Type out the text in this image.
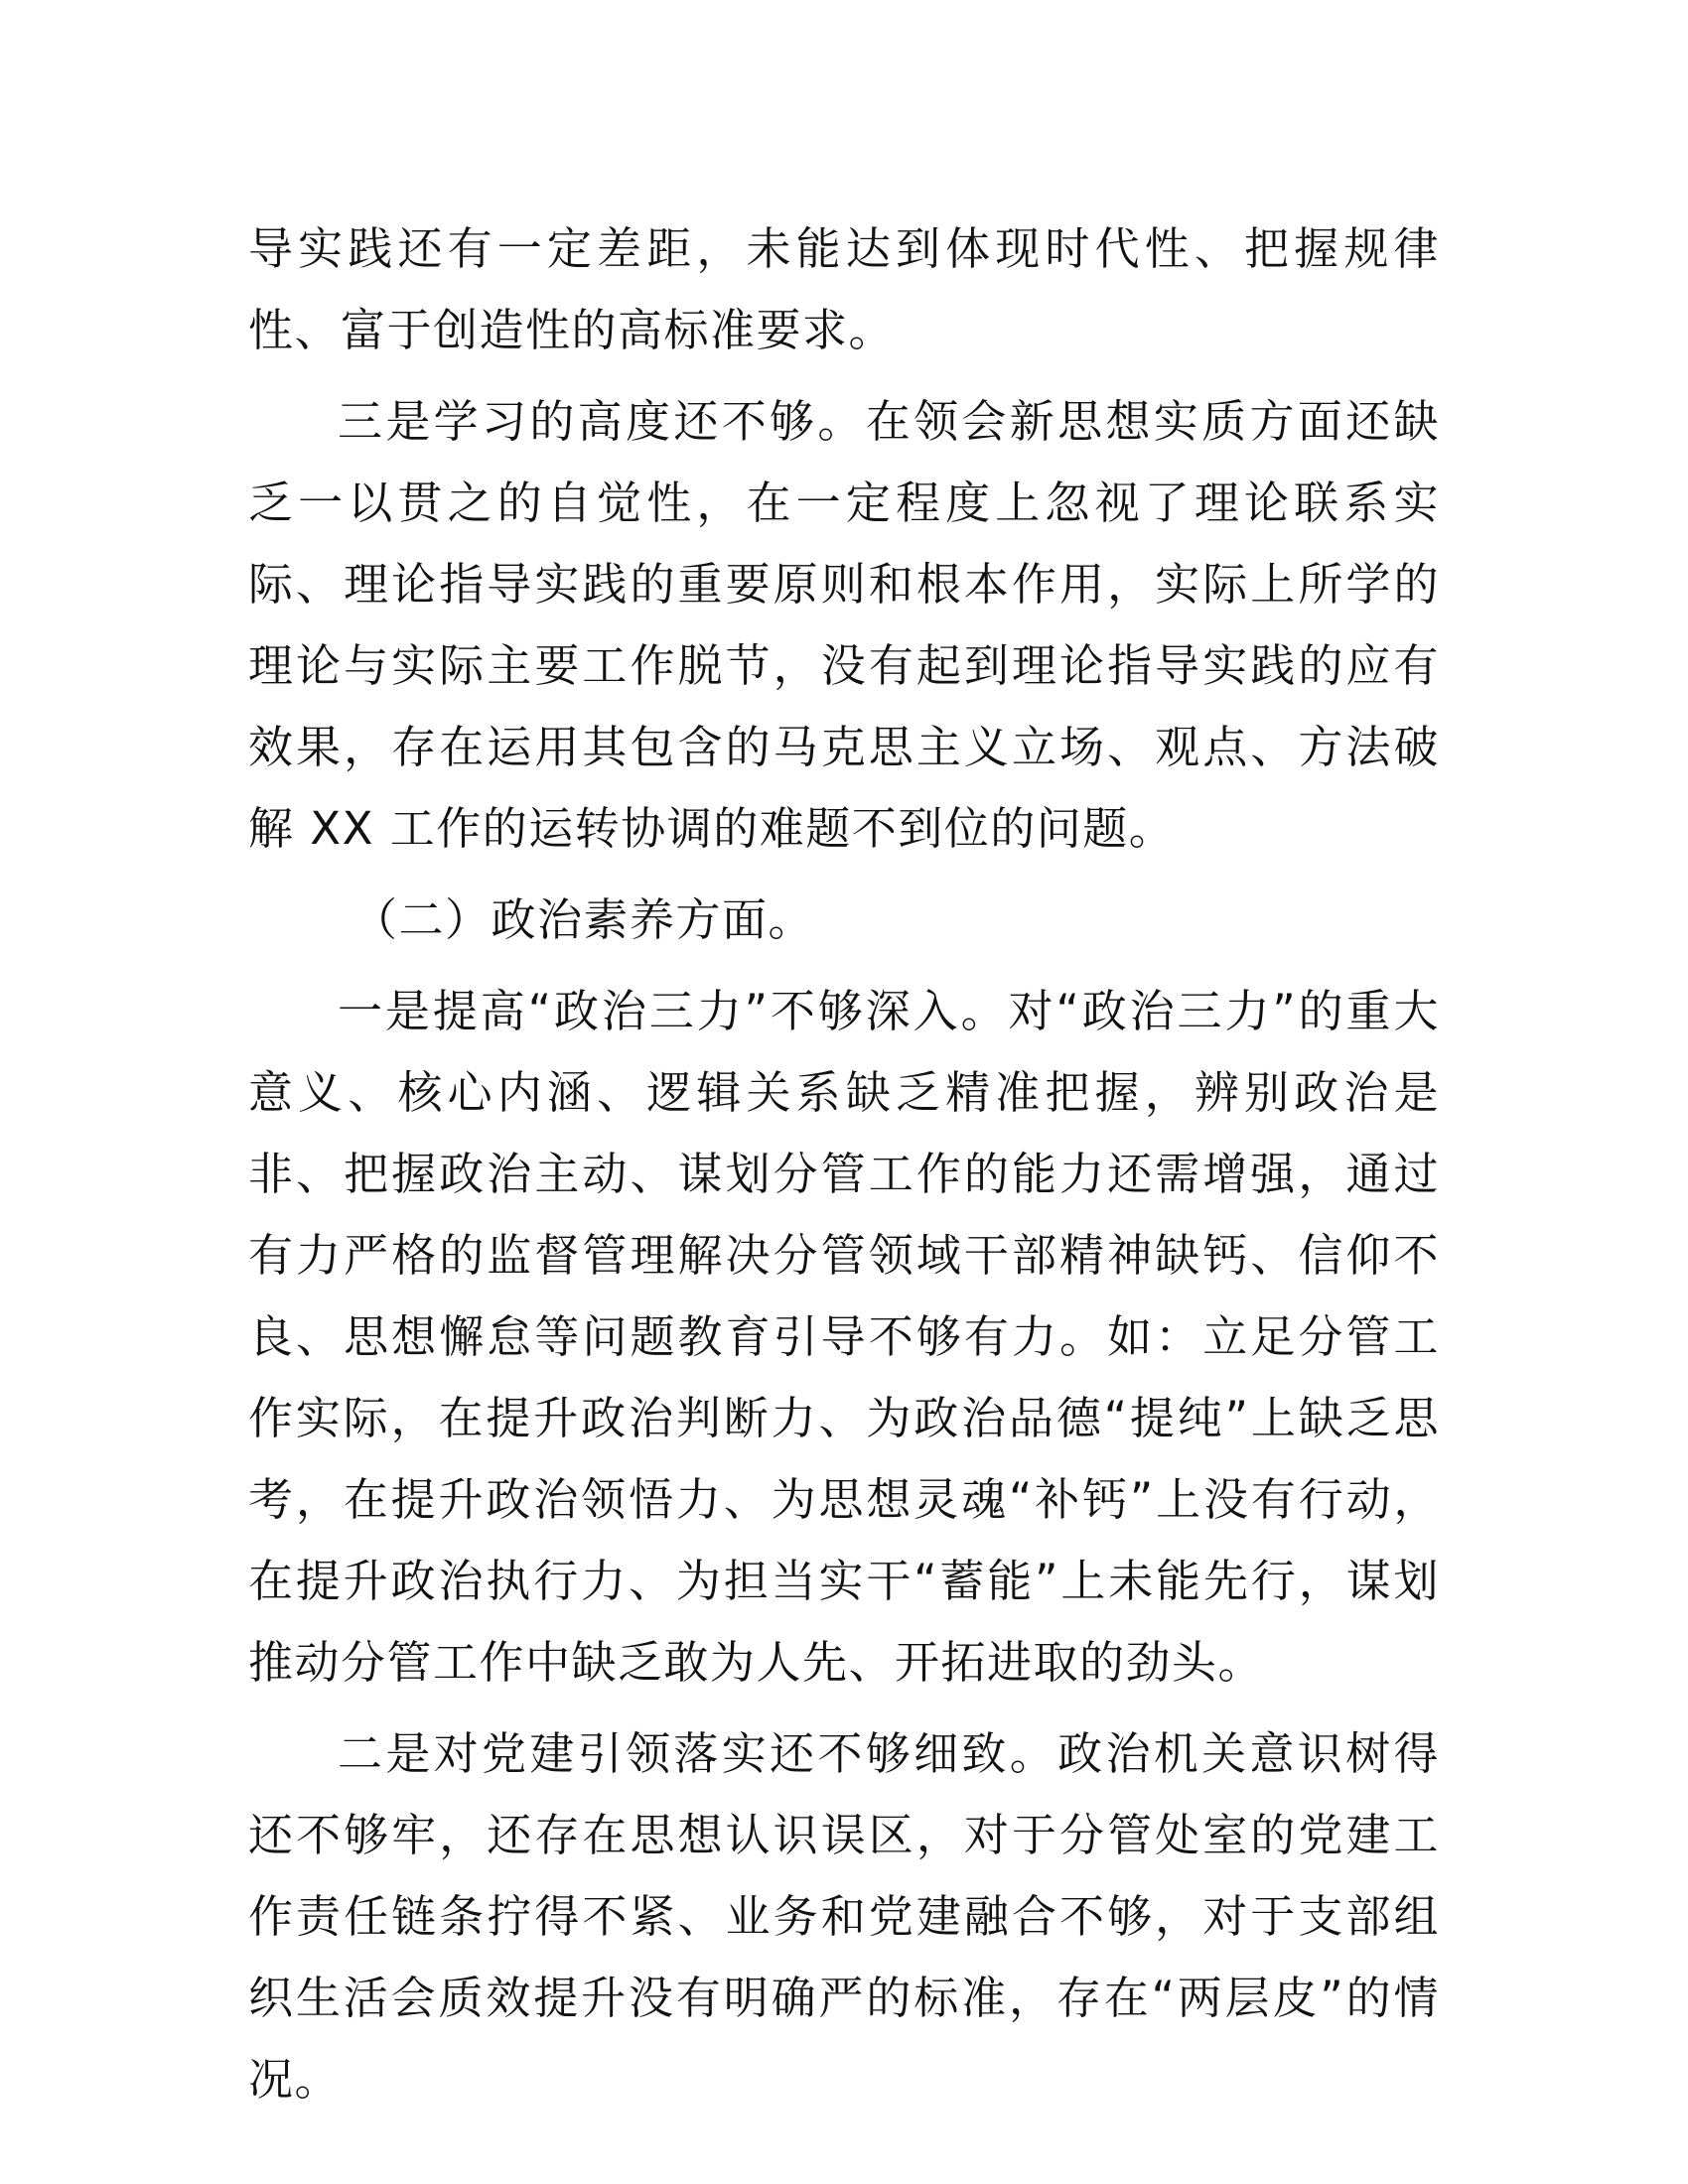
导实践还有一定差距，未能达到体现时代性、把握规律性、富于创造性的高标准要求。

三是学习的高度还不够。在领会新思想实质方面还缺乏一以贯之的自觉性，在一定程度上忽视了理论联系实际、理论指导实践的重要原则和根本作用，实际上所学的理论与实际主要工作脱节，没有起到理论指导实践的应有效果，存在运用其包含的马克思主义立场、观点、方法破解 XX 工作的运转协调的难题不到位的问题。

（二）政治素养方面。

一是提高“政治三力”不够深入。对“政治三力”的重大意义、核心内涵、逻辑关系缺乏精准把握，辨别政治是非、把握政治主动、谋划分管工作的能力还需增强，通过有力严格的监督管理解决分管领域干部精神缺钙、信仰不良、思想懈怠等问题教育引导不够有力。如：立足分管工作实际，在提升政治判断力、为政治品德“提纯”上缺乏思考，在提升政治领悟力、为思想灵魂“补钙”上没有行动，在提升政治执行力、为担当实干“蓄能”上未能先行，谋划推动分管工作中缺乏敢为人先、开拓进取的劲头。

二是对党建引领落实还不够细致。政治机关意识树得还不够牢，还存在思想认识误区，对于分管处室的党建工作责任链条拧得不紧、业务和党建融合不够，对于支部组织生活会质效提升没有明确严的标准，存在“两层皮”的情况。
